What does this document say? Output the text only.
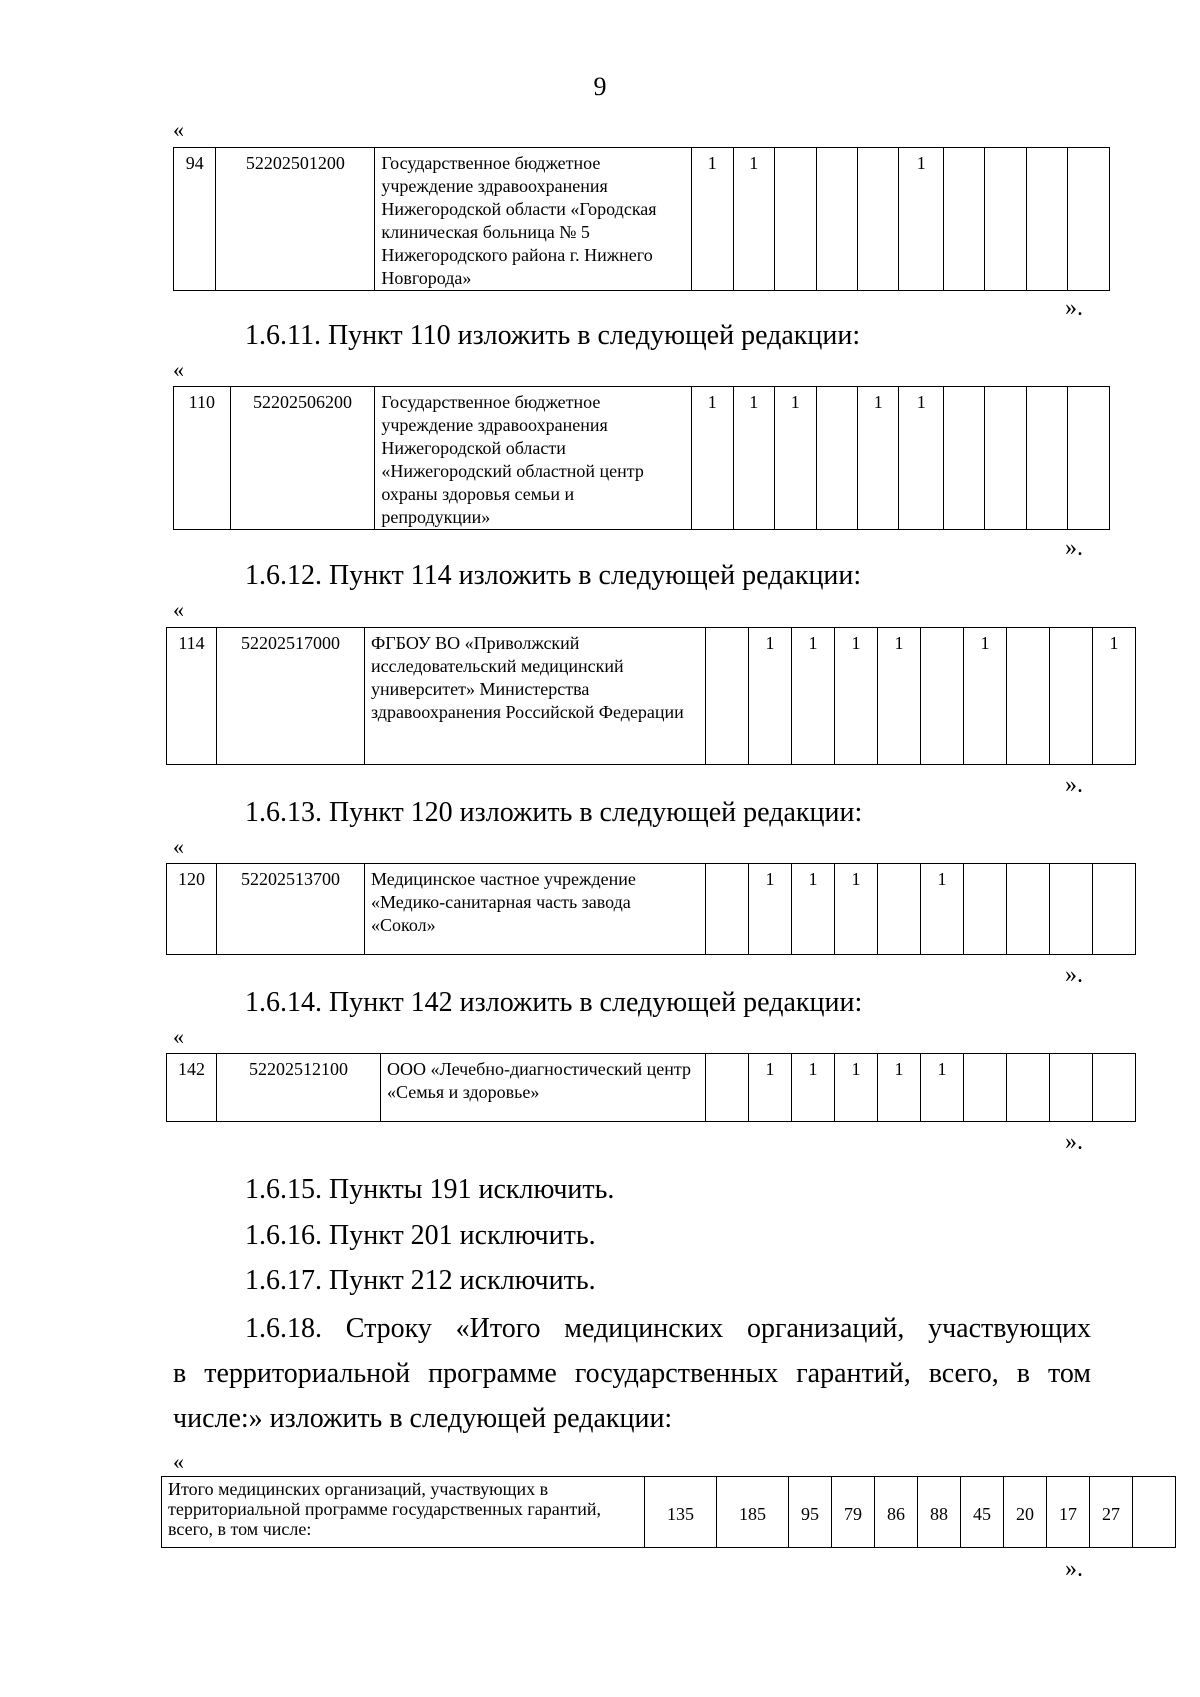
9
«
94	52202501200	Государственное бюджетное учреждение здравоохранения Нижегородской области «Городская клиническая больница № 5 Нижегородского района г. Нижнего Новгорода»	1	1				1				
».
1.6.11. Пункт 110 изложить в следующей редакции:
«
110	52202506200	Государственное бюджетное учреждение здравоохранения Нижегородской области «Нижегородский областной центр охраны здоровья семьи и репродукции»	1	1	1		1	1				
».
1.6.12. Пункт 114 изложить в следующей редакции:
«
114	52202517000	ФГБОУ ВО «Приволжский исследовательский медицинский университет» Министерства здравоохранения Российской Федерации		1	1	1	1		1			1
».
1.6.13. Пункт 120 изложить в следующей редакции:
«
120	52202513700	Медицинское частное учреждение «Медико-санитарная часть завода «Сокол»		1	1	1		1				
».
1.6.14. Пункт 142 изложить в следующей редакции:
«
142	52202512100	ООО «Лечебно-диагностический центр «Семья и здоровье»		1	1	1	1	1				
».
1.6.15. Пункты 191 исключить.
1.6.16. Пункт 201 исключить.
1.6.17. Пункт 212 исключить.
1.6.18. Строку «Итого медицинских организаций, участвующих
в территориальной программе государственных гарантий, всего, в том
числе:» изложить в следующей редакции:
«
Итого медицинских организаций, участвующих в территориальной программе государственных гарантий, всего, в том числе:	135	185	95	79	86	88	45	20	17	27	
».
